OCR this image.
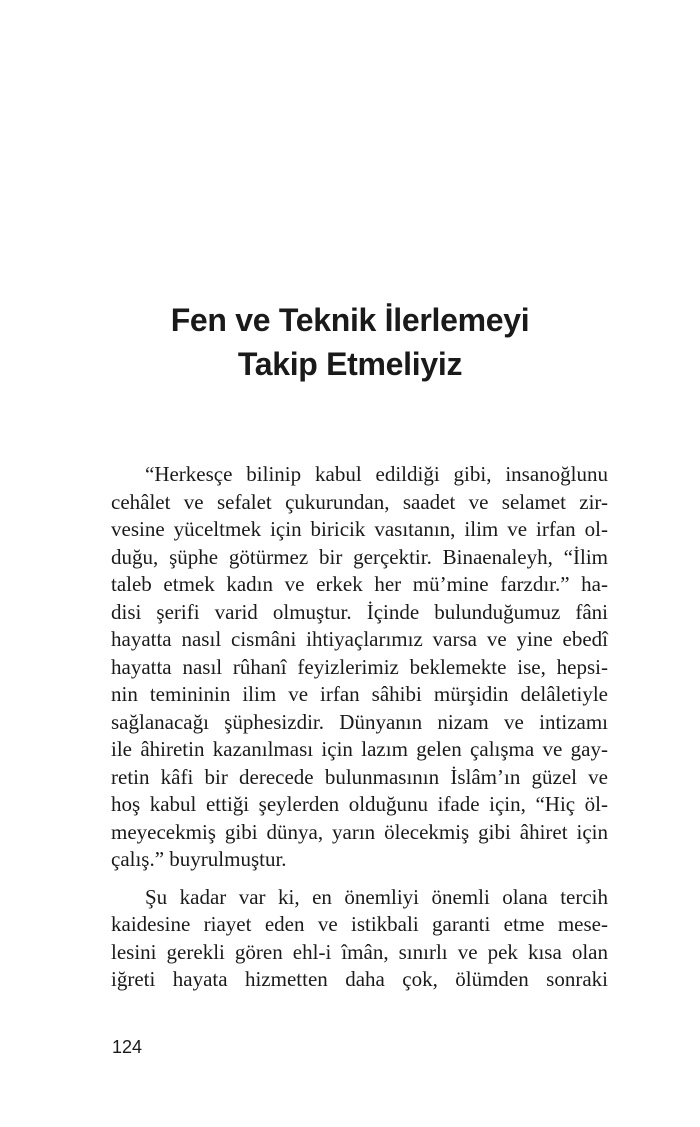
Fen ve Teknik İlerlemeyi
Takip Etmeliyiz

“Herkesçe bilinip kabul edildiği gibi, insanoğlunu
cehâlet ve sefalet çukurundan, saadet ve selamet zir-
vesine yüceltmek için biricik vasıtanın, ilim ve irfan ol-
duğu, şüphe götürmez bir gerçektir. Binaenaleyh, “İlim
taleb etmek kadın ve erkek her mü’mine farzdır.” ha-
disi şerifi varid olmuştur. İçinde bulunduğumuz fâni
hayatta nasıl cismâni ihtiyaçlarımız varsa ve yine ebedî
hayatta nasıl rûhanî feyizlerimiz beklemekte ise, hepsi-
nin temininin ilim ve irfan sâhibi mürşidin delâletiyle
sağlanacağı şüphesizdir. Dünyanın nizam ve intizamı
ile âhiretin kazanılması için lazım gelen çalışma ve gay-
retin kâfi bir derecede bulunmasının İslâm’ın güzel ve
hoş kabul ettiği şeylerden olduğunu ifade için, “Hiç öl-
meyecekmiş gibi dünya, yarın ölecekmiş gibi âhiret için
çalış.” buyrulmuştur.

Şu kadar var ki, en önemliyi önemli olana tercih
kaidesine riayet eden ve istikbali garanti etme mese-
lesini gerekli gören ehl-i îmân, sınırlı ve pek kısa olan
iğreti hayata hizmetten daha çok, ölümden sonraki

124
